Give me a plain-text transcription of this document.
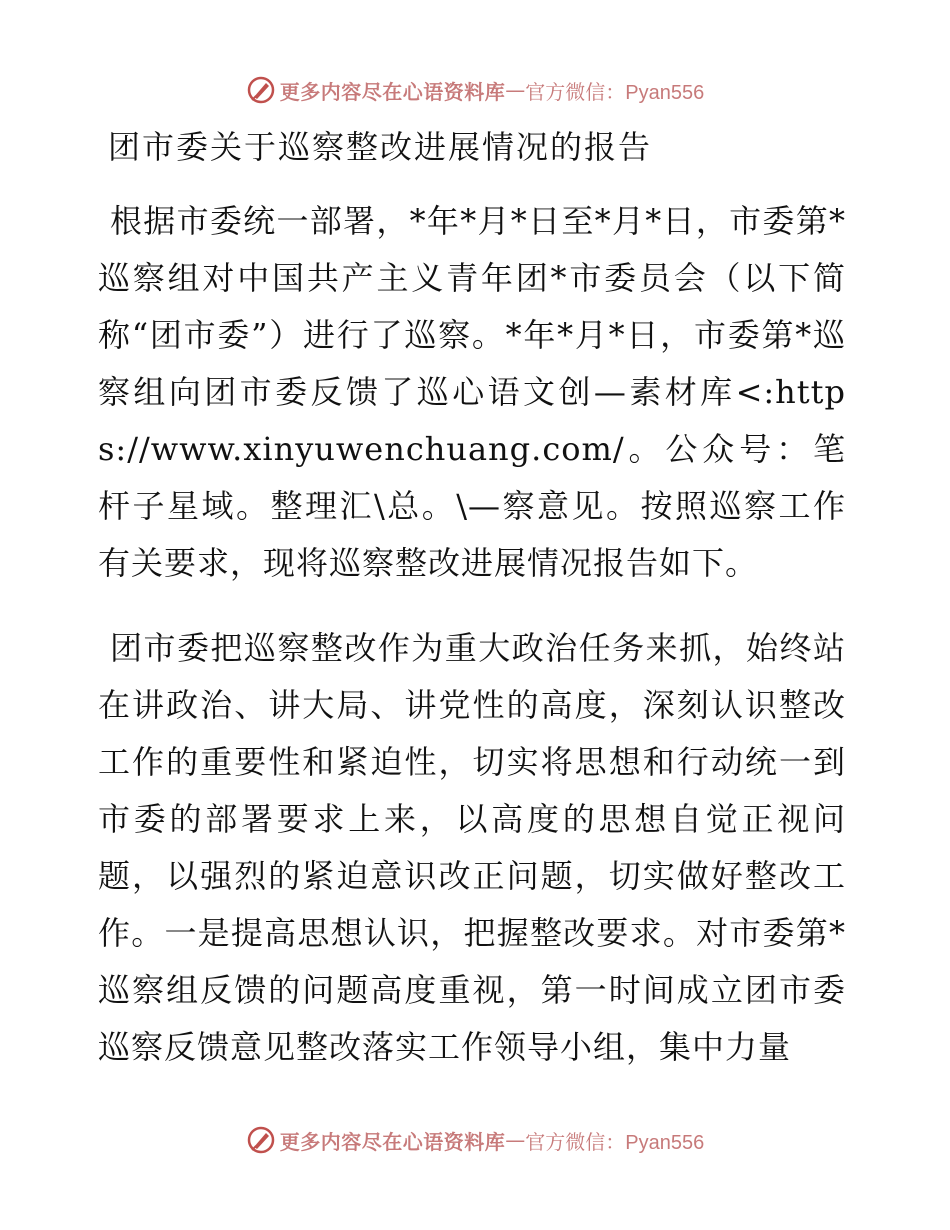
更多内容尽在心语资料库 — 官方微信：Pyan556
团市委关于巡察整改进展情况的报告

根据市委统一部署，*年*月*日至*月*日，市委第*巡察组对中国共产主义青年团*市委员会（以下简称“团市委”）进行了巡察。*年*月*日，市委第*巡察组向团市委反馈了巡心语文创—素材库<:https://www.xinyuwenchuang.com/。公众号：笔杆子星域。整理汇\总。\—察意见。按照巡察工作有关要求，现将巡察整改进展情况报告如下。

团市委把巡察整改作为重大政治任务来抓，始终站在讲政治、讲大局、讲党性的高度，深刻认识整改工作的重要性和紧迫性，切实将思想和行动统一到市委的部署要求上来，以高度的思想自觉正视问题，以强烈的紧迫意识改正问题，切实做好整改工作。一是提高思想认识，把握整改要求。对市委第*巡察组反馈的问题高度重视，第一时间成立团市委巡察反馈意见整改落实工作领导小组，集中力量

更多内容尽在心语资料库 — 官方微信：Pyan556
